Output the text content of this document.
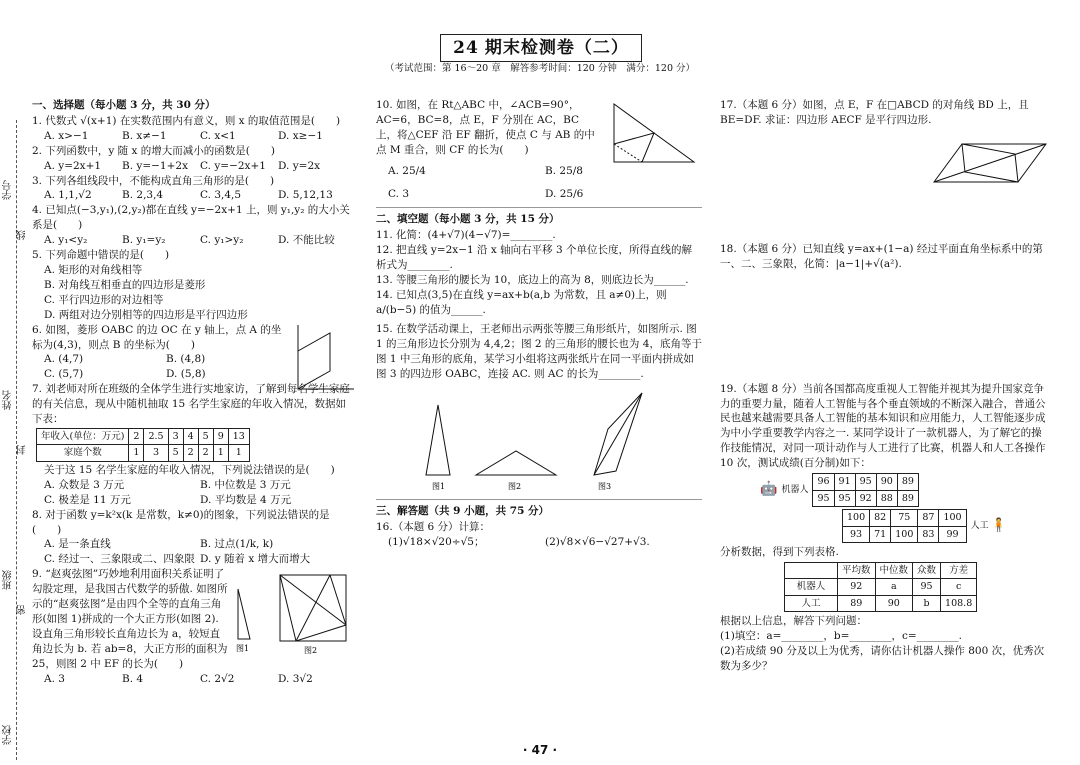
学号
线
姓名
封
班级
密
学校
24 期末检测卷（二）
（考试范围：第 16～20 章　解答参考时间：120 分钟　满分：120 分）

一、选择题（每小题 3 分，共 30 分）

1. 代数式 √(x+1) 在实数范围内有意义，则 x 的取值范围是(　　)

A. x>−1	B. x≠−1	C. x<1	D. x≥−1

2. 下列函数中，y 随 x 的增大而减小的函数是(　　)

A. y=2x+1	B. y=−1+2x	C. y=−2x+1	D. y=2x

3. 下列各组线段中，不能构成直角三角形的是(　　)

A. 1,1,√2	B. 2,3,4	C. 3,4,5	D. 5,12,13

4. 已知点(−3,y₁),(2,y₂)都在直线 y=−2x+1 上，则 y₁,y₂ 的大小关系是(　　)

A. y₁<y₂	B. y₁=y₂	C. y₁>y₂	D. 不能比较

5. 下列命题中错误的是(　　)

A. 矩形的对角线相等
B. 对角线互相垂直的四边形是菱形
C. 平行四边形的对边相等
D. 两组对边分别相等的四边形是平行四边形

6. 如图，菱形 OABC 的边 OC 在 y 轴上，点 A 的坐标为(4,3)，则点 B 的坐标为(　　)

A. (4,7)	B. (4,8)
C. (5,7)	D. (5,8)

7. 刘老师对所在班级的全体学生进行实地家访，了解到每名学生家庭的有关信息，现从中随机抽取 15 名学生家庭的年收入情况，数据如下表：

年收入(单位：万元)	2	2.5	3	4	5	9	13
家庭个数	1	3	5	2	2	1	1

关于这 15 名学生家庭的年收入情况，下列说法错误的是(　　)

A. 众数是 3 万元	B. 中位数是 3 万元
C. 极差是 11 万元	D. 平均数是 4 万元

8. 对于函数 y=k²x(k 是常数，k≠0)的图象，下列说法错误的是(　　)

A. 是一条直线	B. 过点(1/k, k)
C. 经过一、三象限或二、四象限 D. y 随着 x 增大而增大

9. “赵爽弦图”巧妙地利用面积关系证明了勾股定理，是我国古代数学的骄傲. 如图所示的“赵爽弦图”是由四个全等的直角三角形(如图 1)拼成的一个大正方形(如图 2). 设直角三角形较长直角边长为 a，较短直角边长为 b. 若 ab=8，大正方形的面积为 25，则图 2 中 EF 的长为(　　)

图1	图2
A. 3	B. 4	C. 2√2	D. 3√2

10. 如图，在 Rt△ABC 中，∠ACB=90°，AC=6，BC=8，点 E，F 分别在 AC，BC 上，将△CEF 沿 EF 翻折，使点 C 与 AB 的中点 M 重合，则 CF 的长为(　　)

A. 25/4	B. 25/8
C. 3	D. 25/6

二、填空题（每小题 3 分，共 15 分）

11. 化简：(4+√7)(4−√7)=________.

12. 把直线 y=2x−1 沿 x 轴向右平移 3 个单位长度，所得直线的解析式为________.

13. 等腰三角形的腰长为 10，底边上的高为 8，则底边长为______.

14. 已知点(3,5)在直线 y=ax+b(a,b 为常数，且 a≠0)上，则 a/(b−5) 的值为______.

15. 在数学活动课上，王老师出示两张等腰三角形纸片，如图所示. 图 1 的三角形边长分别为 4,4,2；图 2 的三角形的腰长也为 4，底角等于图 1 中三角形的底角，某学习小组将这两张纸片在同一平面内拼成如图 3 的四边形 OABC，连接 AC. 则 AC 的长为________.

图1	图2	图3

三、解答题（共 9 小题，共 75 分）

16.（本题 6 分）计算：

(1)√18×√20÷√5；	(2)√8×√6−√27+√3.

17.（本题 6 分）如图，点 E，F 在□ABCD 的对角线 BD 上，且 BE=DF. 求证：四边形 AECF 是平行四边形.

18.（本题 6 分）已知直线 y=ax+(1−a) 经过平面直角坐标系中的第一、二、三象限，化简：|a−1|+√(a²).

19.（本题 8 分）当前各国都高度重视人工智能并视其为提升国家竞争力的重要力量，随着人工智能与各个垂直领域的不断深入融合，普通公民也越来越需要具备人工智能的基本知识和应用能力，人工智能逐步成为中小学重要教学内容之一. 某同学设计了一款机器人，为了解它的操作技能情况，对同一项计动作与人工进行了比赛，机器人和人工各操作 10 次，测试成绩(百分制)如下：

🤖 机器人
96	91	95	90	89
95	95	92	88	89
100	82	75	87	100
93	71	100	83	99
人工 🧍

分析数据，得到下列表格.

	平均数	中位数	众数	方差
机器人	92	a	95	c
人工	89	90	b	108.8

根据以上信息，解答下列问题：

(1)填空：a=________，b=________，c=________.

(2)若成绩 90 分及以上为优秀，请你估计机器人操作 800 次，优秀次数为多少？

· 47 ·
